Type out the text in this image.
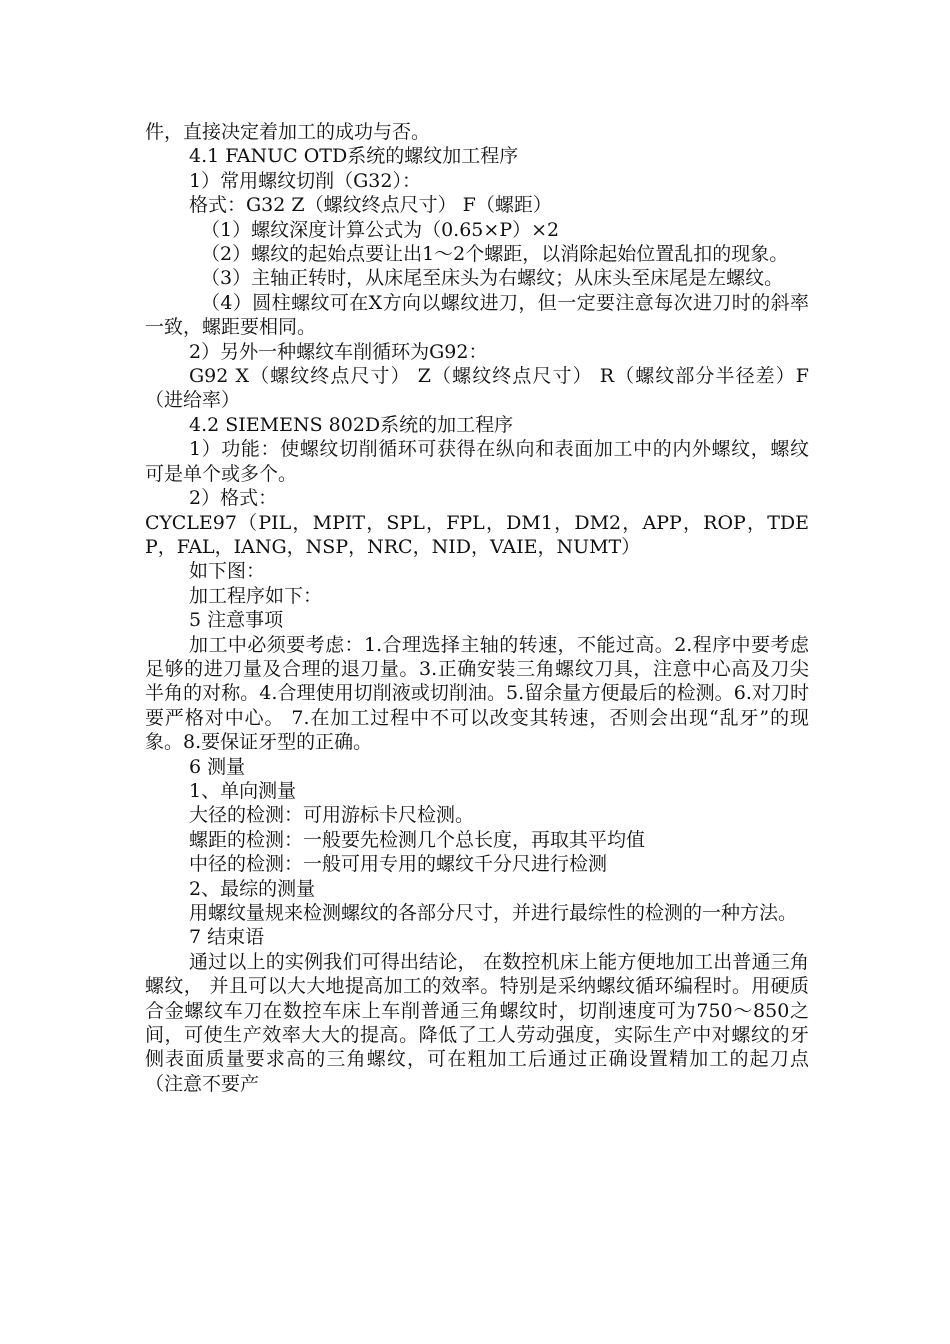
件，直接决定着加工的成功与否。

4.1 FANUC OTD系统的螺纹加工程序

1）常用螺纹切削（G32）：

格式：G32 Z（螺纹终点尺寸） F（螺距）

（1）螺纹深度计算公式为（0.65×P）×2

（2）螺纹的起始点要让出1～2个螺距，以消除起始位置乱扣的现象。

（3）主轴正转时，从床尾至床头为右螺纹；从床头至床尾是左螺纹。

（4）圆柱螺纹可在X方向以螺纹进刀，但一定要注意每次进刀时的斜率一致，螺距要相同。

2）另外一种螺纹车削循环为G92：

G92 X（螺纹终点尺寸） Z（螺纹终点尺寸） R（螺纹部分半径差）F（进给率）

4.2 SIEMENS 802D系统的加工程序

1）功能：使螺纹切削循环可获得在纵向和表面加工中的内外螺纹，螺纹可是单个或多个。

2）格式：

CYCLE97（PIL，MPIT，SPL，FPL，DM1，DM2，APP，ROP，TDEP，FAL，IANG，NSP，NRC，NID，VAIE，NUMT）

如下图：

加工程序如下：

5 注意事项

加工中必须要考虑：1.合理选择主轴的转速，不能过高。2.程序中要考虑足够的进刀量及合理的退刀量。3.正确安装三角螺纹刀具，注意中心高及刀尖半角的对称。4.合理使用切削液或切削油。5.留余量方便最后的检测。6.对刀时要严格对中心。 7.在加工过程中不可以改变其转速，否则会出现“乱牙”的现象。8.要保证牙型的正确。

6 测量

1、单向测量

大径的检测：可用游标卡尺检测。

螺距的检测：一般要先检测几个总长度，再取其平均值

中径的检测：一般可用专用的螺纹千分尺进行检测

2、最综的测量

用螺纹量规来检测螺纹的各部分尺寸，并进行最综性的检测的一种方法。

7 结束语

通过以上的实例我们可得出结论， 在数控机床上能方便地加工出普通三角螺纹， 并且可以大大地提高加工的效率。特别是采纳螺纹循环编程时。用硬质合金螺纹车刀在数控车床上车削普通三角螺纹时，切削速度可为750～850之间，可使生产效率大大的提高。降低了工人劳动强度，实际生产中对螺纹的牙侧表面质量要求高的三角螺纹，可在粗加工后通过正确设置精加工的起刀点（注意不要产
